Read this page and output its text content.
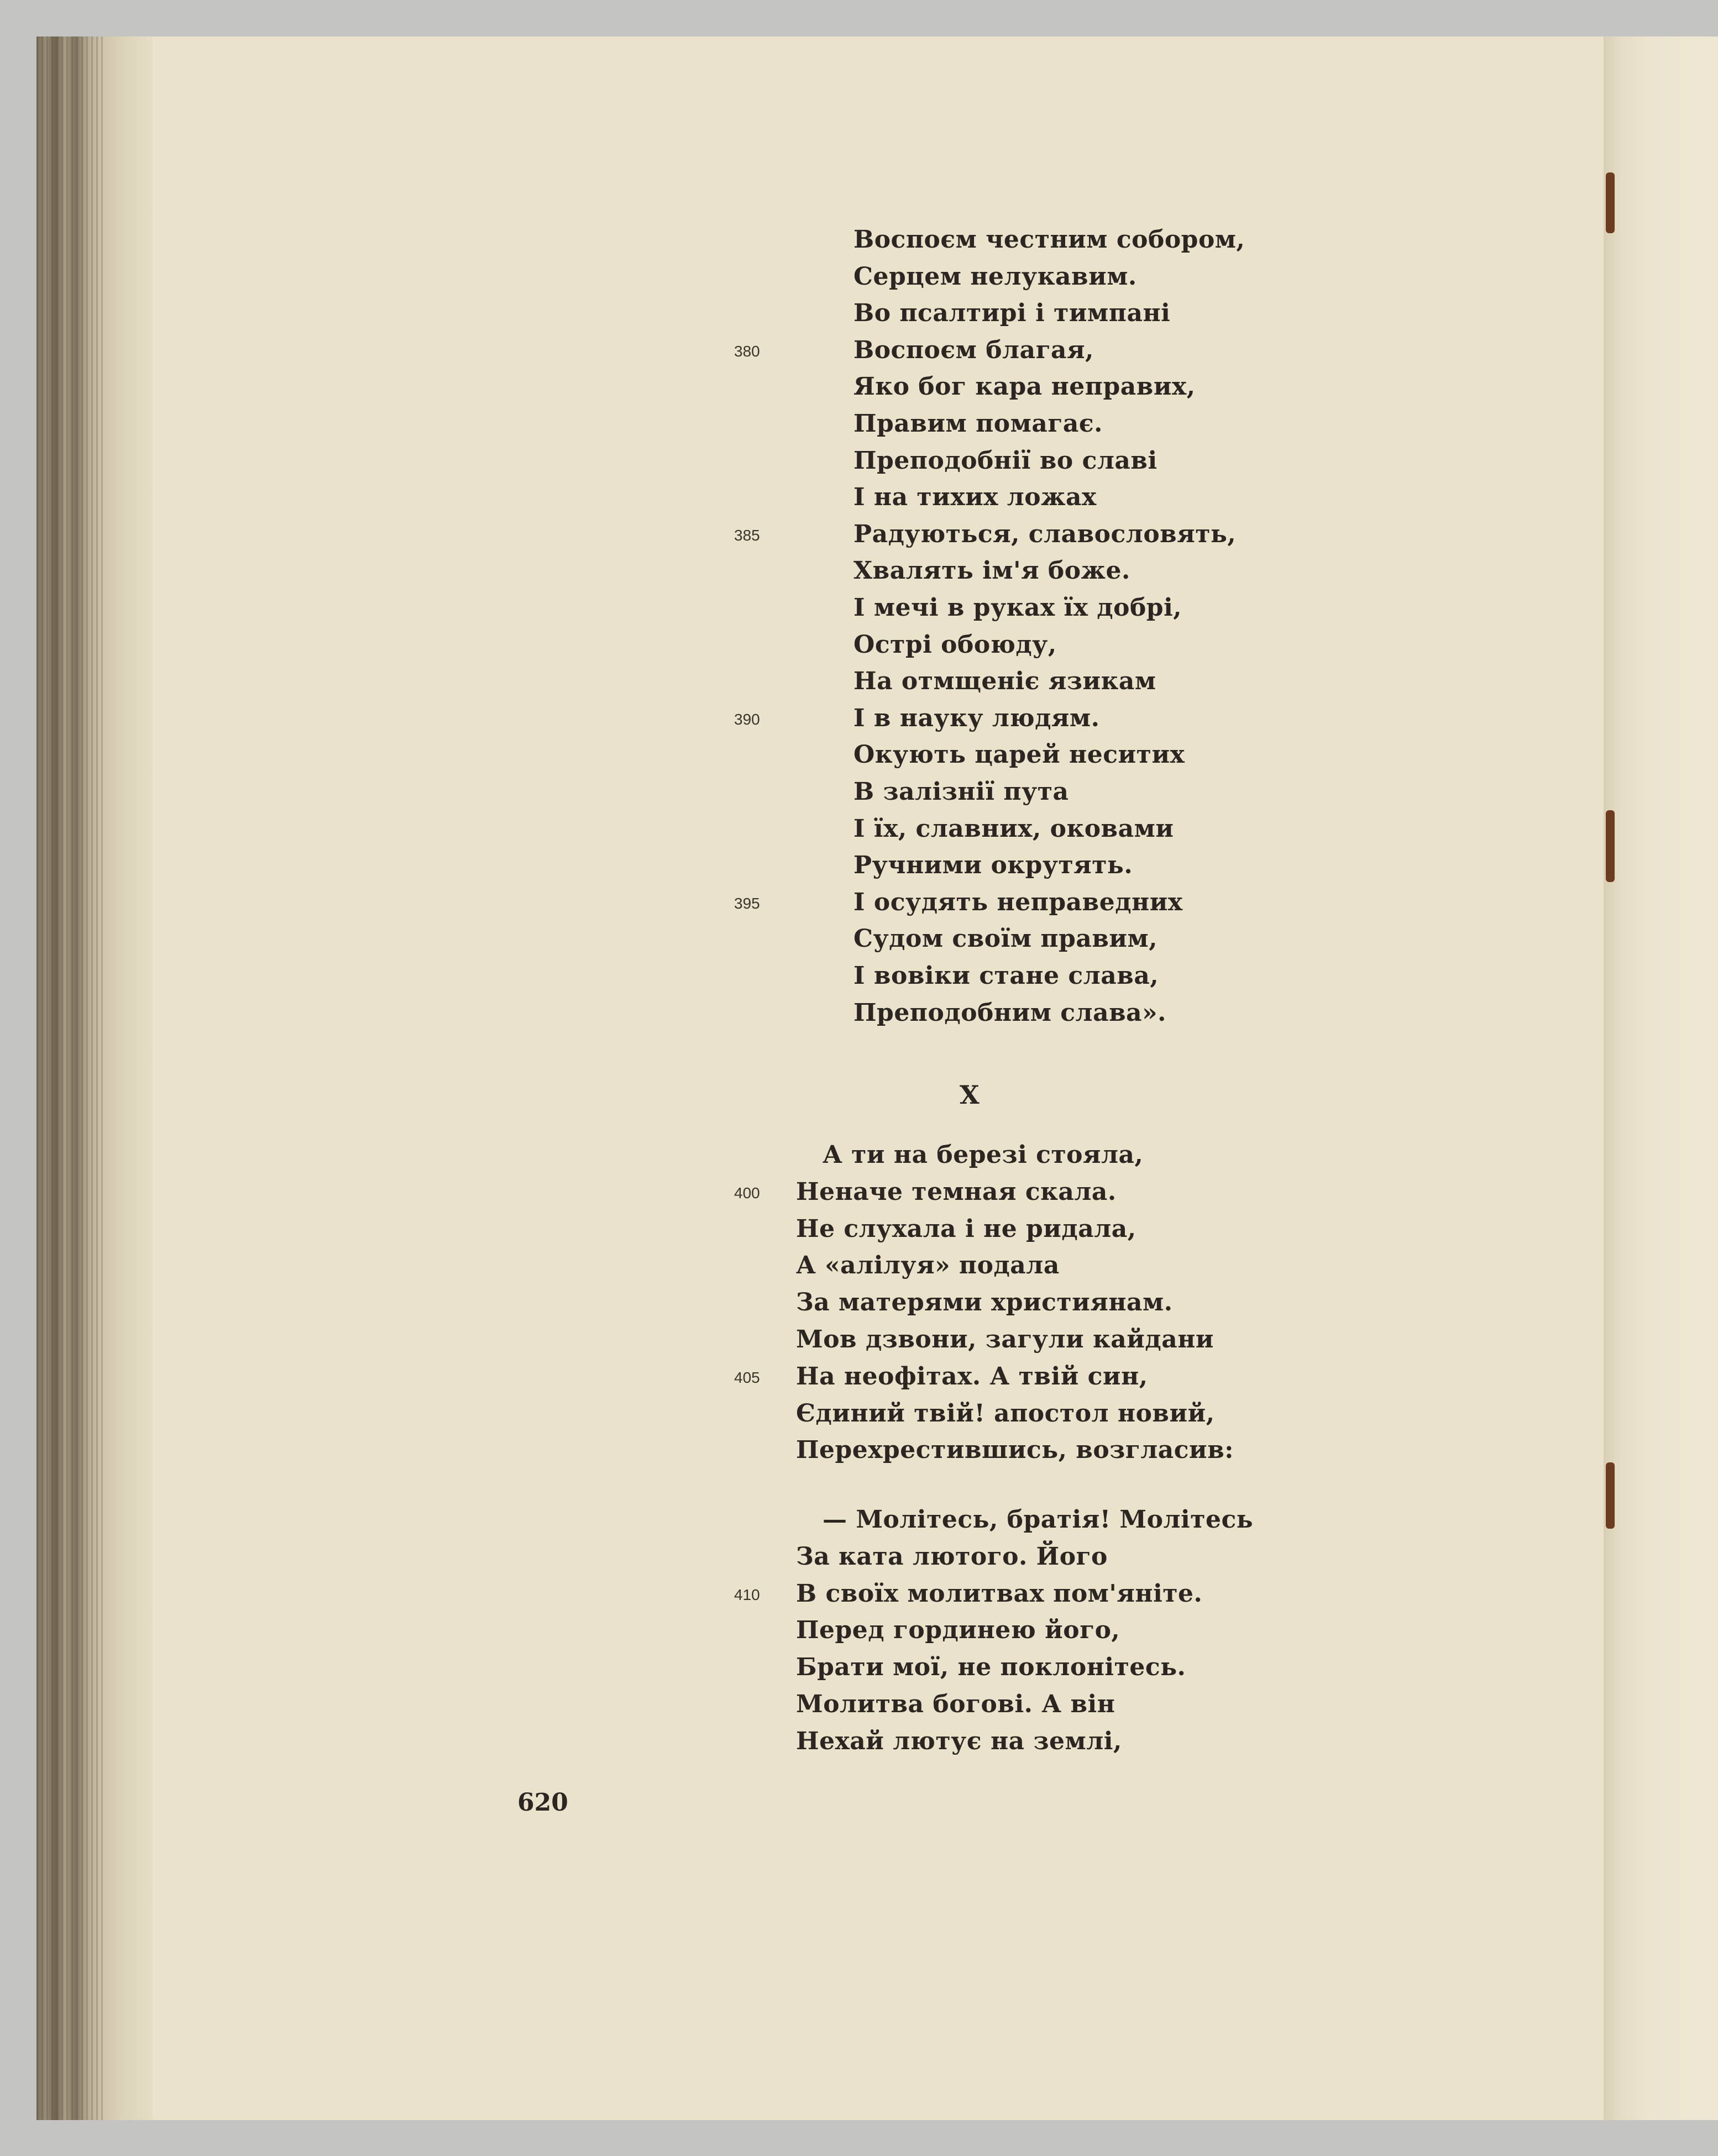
Воспоєм честним собором,
Серцем нелукавим.
Во псалтирі і тимпані
Воспоєм благая,
380
Яко бог кара неправих,
Правим помагає.
Преподобнії во славі
І на тихих ложах
Радуються, славословять,
385
Хвалять ім'я боже.
І мечі в руках їх добрі,
Остpi обоюду,
На отмщеніє язикам
І в науку людям.
390
Окують царей неситих
В залізнії пута
І їх, славних, оковами
Ручними окрутять.
І осудять неправедних
395
Судом своїм правим,
І вовіки стане слава,
Преподобним слава».
А ти на березі стояла,
Неначе темная скала.
400
Не слухала і не ридала,
А «алілуя» подала
За матерями християнам.
Мов дзвони, загули кайдани
На неофітах. А твій син,
405
Єдиний твій! апостол новий,
Перехрестившись, возгласив:
— Молітесь, братія! Молітесь
За ката лютого. Його
В своїх молитвах пом'яніте.
410
Перед гординею його,
Брати мої, не поклонітесь.
Молитва богові. А він
Нехай лютує на землі,
X
620
